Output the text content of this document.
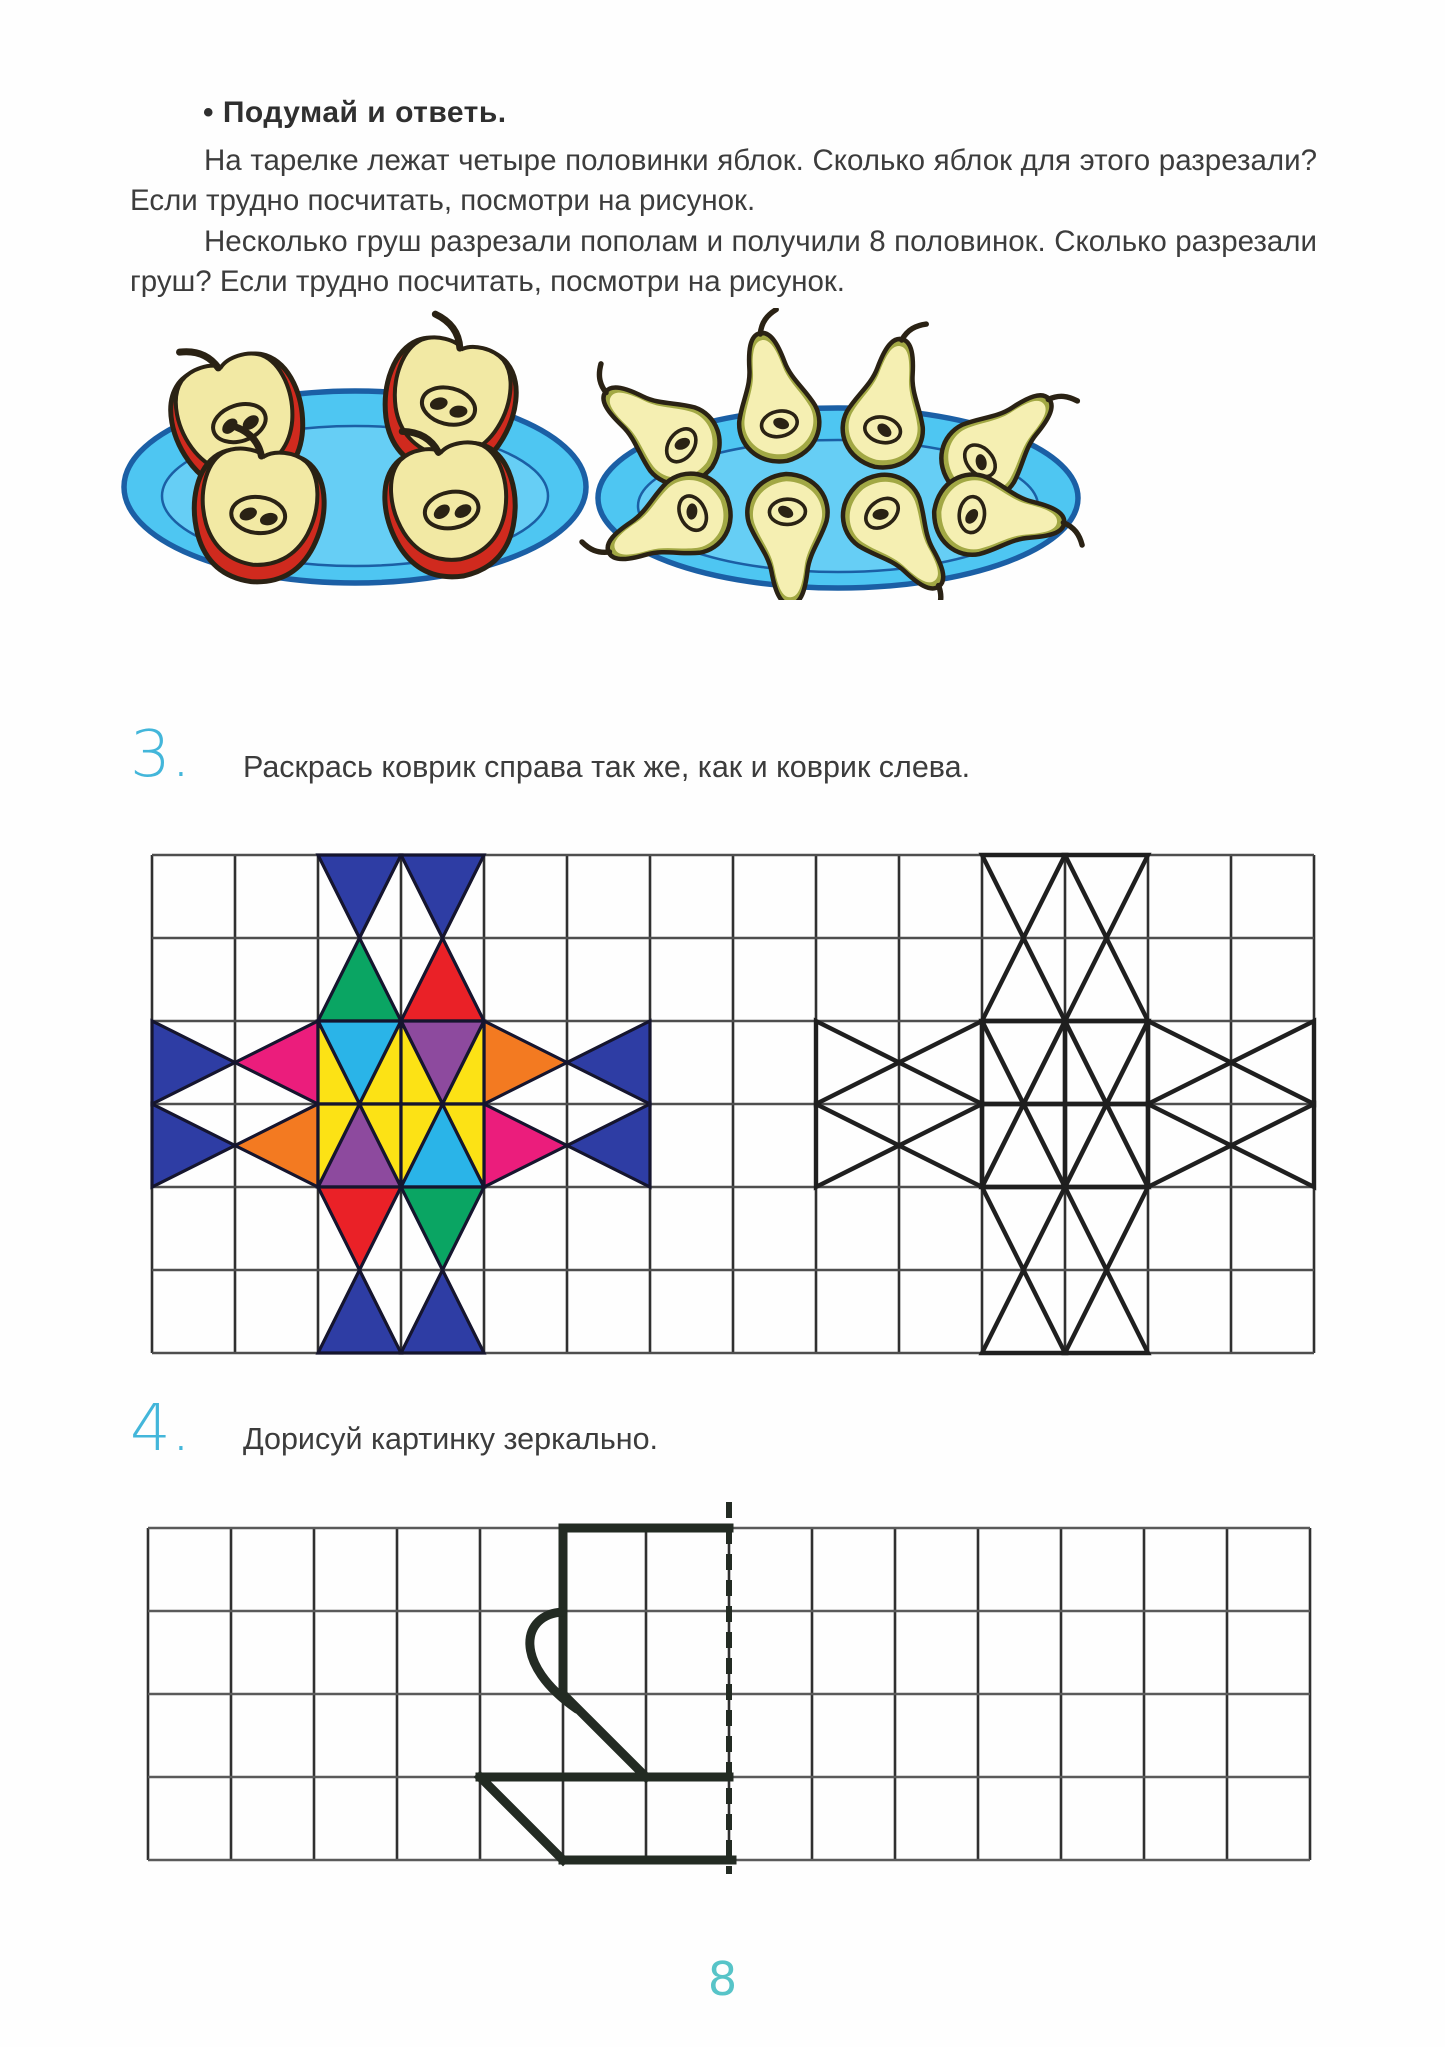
• Подумай и ответь.

На тарелке лежат четыре половинки яблок. Сколько яблок для этого разрезали? Если трудно посчитать, посмотри на рисунок.

Несколько груш разрезали пополам и получили 8 половинок. Сколько разрезали груш? Если трудно посчитать, посмотри на рисунок.

3. Раскрась коврик справа так же, как и коврик слева.
4. Дорисуй картинку зеркально.
8
